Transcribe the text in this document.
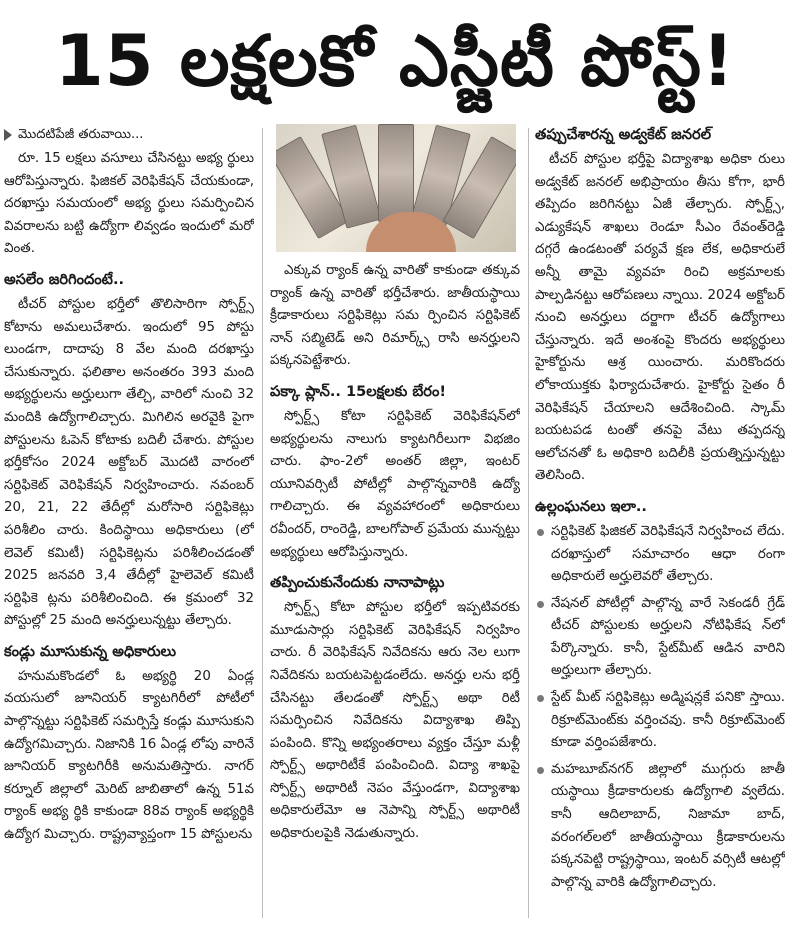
15 లక్షలకో ఎస్జీటీ పోస్ట్!
మొదటిపేజీ తరువాయి...

రూ. 15 లక్షలు వసూలు చేసినట్టు అభ్య ర్థులు ఆరోపిస్తున్నారు. ఫిజికల్ వెరిఫికేషన్ చేయకుండా, దరఖాస్తు సమయంలో అభ్య ర్థులు సమర్పించిన వివరాలను బట్టి ఉద్యోగా లివ్వడం ఇందులో మరో వింత.

అసలేం జరిగిందంటే..

టీచర్ పోస్టుల భర్తీలో తొలిసారిగా స్పోర్ట్స్ కోటాను అమలుచేశారు. ఇందులో 95 పోస్టు లుండగా, దాదాపు 8 వేల మంది దరఖాస్తు చేసుకున్నారు. ఫలితాల అనంతరం 393 మంది అభ్యర్థులను అర్హులుగా తేల్చి, వారిలో నుంచి 32 మందికి ఉద్యోగాలిచ్చారు. మిగిలిన అరవైకి పైగా పోస్టులను ఓపెన్ కోటాకు బదిలీ చేశారు. పోస్టుల భర్తీకోసం 2024 అక్టోబర్ మొదటి వారంలో సర్టిఫికెట్ వెరిఫికేషన్ నిర్వహించారు. నవంబర్ 20, 21, 22 తేదీల్లో మరోసారి సర్టిఫికెట్లు పరిశీలిం చారు. కిందిస్థాయి అధికారులు (లో లెవెల్ కమిటీ) సర్టిఫికెట్లను పరిశీలించడంతో 2025 జనవరి 3,4 తేదీల్లో హైలెవెల్ కమిటీ సర్టిఫికె ట్లను పరిశీలించింది. ఈ క్రమంలో 32 పోస్టుల్లో 25 మంది అనర్హులున్నట్టు తేల్చారు.

కండ్లు మూసుకున్న అధికారులు

హనుమకొండలో ఓ అభ్యర్థి 20 ఏండ్ల వయసులో జూనియర్ క్యాటగిరీలో పోటీలో పాల్గొన్నట్టు సర్టిఫికెట్ సమర్పిస్తే కండ్లు మూసుకుని ఉద్యోగమిచ్చారు. నిజానికి 16 ఏండ్ల లోపు వారినే జూనియర్ క్యాటగిరీకి అనుమతిస్తారు. నాగర్ కర్నూల్ జిల్లాలో మెరిట్ జాబితాలో ఉన్న 51వ ర్యాంక్ అభ్య ర్థికి కాకుండా 88వ ర్యాంక్ అభ్యర్థికి ఉద్యోగ మిచ్చారు. రాష్ట్రవ్యాప్తంగా 15 పోస్టులను

ఎక్కువ ర్యాంక్ ఉన్న వారితో కాకుండా తక్కువ ర్యాంక్ ఉన్న వారితో భర్తీచేశారు. జాతీయస్థాయి క్రీడాకారులు సర్టిఫికెట్లు సమ ర్పించిన సర్టిఫికెట్ నాన్ సబ్మిటెడ్ అని రిమార్క్స్ రాసి అనర్హులని పక్కనపెట్టేశారు.

పక్కా ప్లాన్.. 15లక్షలకు బేరం!

స్పోర్ట్స్ కోటా సర్టిఫికెట్ వెరిఫికేషన్‌లో అభ్యర్థులను నాలుగు క్యాటగిరీలుగా విభజిం చారు. ఫాం-2లో అంతర్ జిల్లా, ఇంటర్ యూనివర్సిటీ పోటీల్లో పాల్గొన్నవారికి ఉద్యో గాలిచ్చారు. ఈ వ్యవహారంలో అధికారులు రవీందర్, రాంరెడ్డి, బాలగోపాల్ ప్రమేయ మున్నట్టు అభ్యర్థులు ఆరోపిస్తున్నారు.

తప్పించుకునేందుకు నానాపాట్లు

స్పోర్ట్స్ కోటా పోస్టుల భర్తీలో ఇప్పటివరకు మూడుసార్లు సర్టిఫికెట్ వెరిఫికేషన్ నిర్వహిం చారు. రీ వెరిఫికేషన్ నివేదికను ఆరు నెల లుగా నివేదికను బయటపెట్టడంలేదు. అనర్హు లను భర్తీ చేసినట్టు తేలడంతో స్పోర్ట్స్ అథా రిటీ సమర్పించిన నివేదికను విద్యాశాఖ తిప్పి పంపింది. కొన్ని అభ్యంతరాలు వ్యక్తం చేస్తూ మళ్లీ స్పోర్ట్స్ అథారిటీకే పంపించింది. విద్యా శాఖపై స్పోర్ట్స్ అథారిటీ నెపం వేస్తుండగా, విద్యాశాఖ అధికారులేమో ఆ నెపాన్ని స్పోర్ట్స్ అథారిటీ అధికారులపైకి నెడుతున్నారు.

తప్పుచేశారన్న అడ్వకేట్ జనరల్

టీచర్ పోస్టుల భర్తీపై విద్యాశాఖ అధికా రులు అడ్వకేట్ జనరల్ అభిప్రాయం తీసు కోగా, భారీ తప్పిదం జరిగినట్టు ఏజీ తేల్చారు. స్పోర్ట్స్, ఎడ్యుకేషన్ శాఖలు రెండూ సీఎం రేవంత్‌రెడ్డి దగ్గరే ఉండటంతో పర్యవే క్షణ లేక, అధికారులే అన్నీ తామై వ్యవహ రించి అక్రమాలకు పాల్పడినట్టు ఆరోపణలు న్నాయి. 2024 అక్టోబర్ నుంచి అనర్హులు దర్జాగా టీచర్ ఉద్యోగాలు చేస్తున్నారు. ఇదే అంశంపై కొందరు అభ్యర్థులు హైకోర్టును ఆశ్ర యించారు. మరికొందరు లోకాయుక్తకు ఫిర్యాదుచేశారు. హైకోర్టు సైతం రీ వెరిఫికేషన్ చేయాలని ఆదేశించింది. స్కామ్ బయటపడ టంతో తనపై వేటు తప్పదన్న ఆలోచనతో ఓ అధికారి బదిలీకి ప్రయత్నిస్తున్నట్టు తెలిసింది.

ఉల్లంఘనలు ఇలా..
సర్టిఫికెట్ ఫిజికల్ వెరిఫికేషనే నిర్వహించ లేదు. దరఖాస్తులో సమాచారం ఆధా రంగా అధికారులే అర్హులెవరో తేల్చారు.
నేషనల్ పోటీల్లో పాల్గొన్న వారే సెకండరీ గ్రేడ్ టీచర్ పోస్టులకు అర్హులని నోటిఫికేష న్‌లో పేర్కొన్నారు. కానీ, స్టేట్‌మీట్ ఆడిన వారిని అర్హులుగా తేల్చారు.
స్టేట్ మీట్ సర్టిఫికెట్లు అడ్మిషన్లకే పనికొ స్తాయి. రిక్రూట్‌మెంట్‌కు వర్తించవు. కానీ రిక్రూట్‌మెంట్ కూడా వర్తింపజేశారు.
మహబూబ్‌నగర్ జిల్లాలో ముగ్గురు జాతీ యస్థాయి క్రీడాకారులకు ఉద్యోగాలి వ్వలేదు. కానీ ఆదిలాబాద్, నిజామా బాద్, వరంగల్‌లలో జాతీయస్థాయి క్రీడాకారులను పక్కనపెట్టి రాష్ట్రస్థాయి, ఇంటర్ వర్సిటీ ఆటల్లో పాల్గొన్న వారికి ఉద్యోగాలిచ్చారు.
